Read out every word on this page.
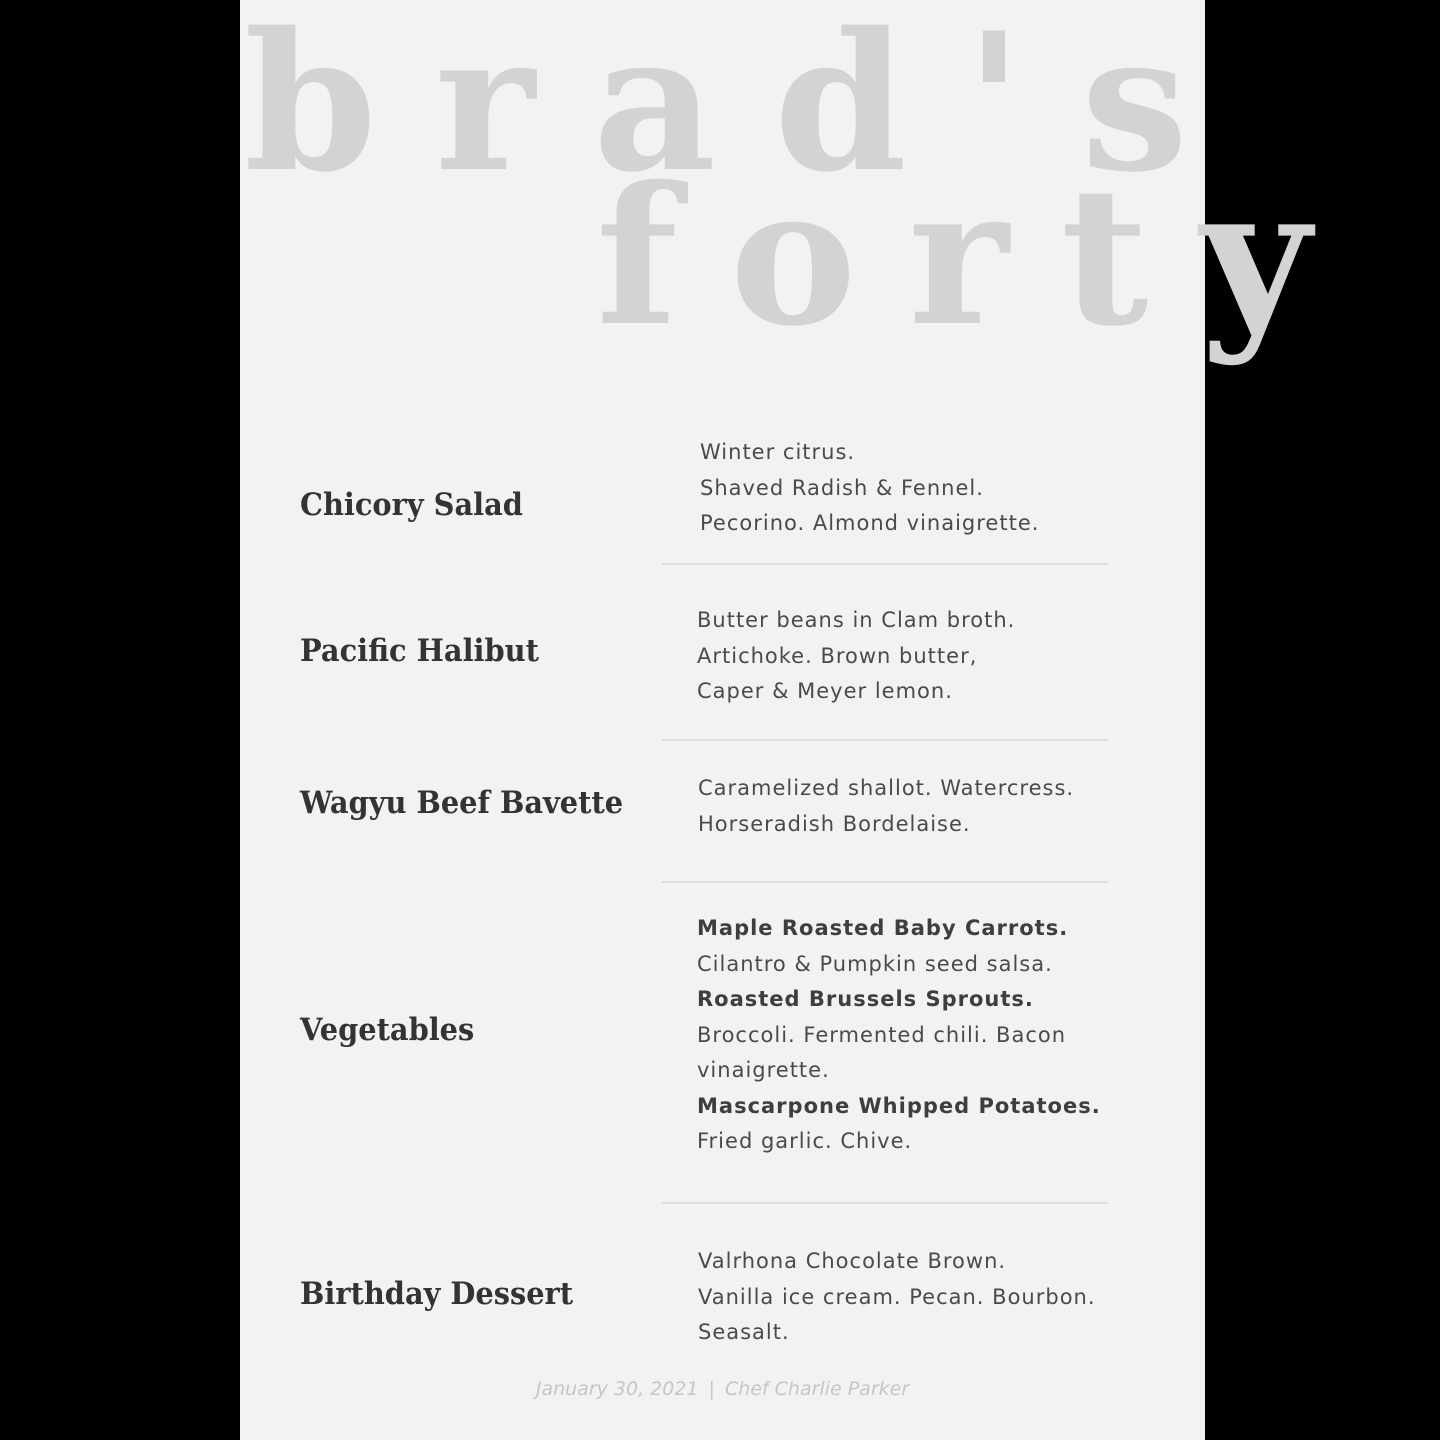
brad's
forty
Chicory Salad
Winter citrus.
Shaved Radish & Fennel.
Pecorino. Almond vinaigrette.
Pacific Halibut
Butter beans in Clam broth.
Artichoke. Brown butter,
Caper & Meyer lemon.
Wagyu Beef Bavette	Caramelized shallot. Watercress.
Horseradish Bordelaise.
Vegetables
Maple Roasted Baby Carrots.
Cilantro & Pumpkin seed salsa.
Roasted Brussels Sprouts.
Broccoli. Fermented chili. Bacon
vinaigrette.
Mascarpone Whipped Potatoes.
Fried garlic. Chive.
Birthday Dessert
Valrhona Chocolate Brown.
Vanilla ice cream. Pecan. Bourbon.
Seasalt.

January 30, 2021 | Chef Charlie Parker
